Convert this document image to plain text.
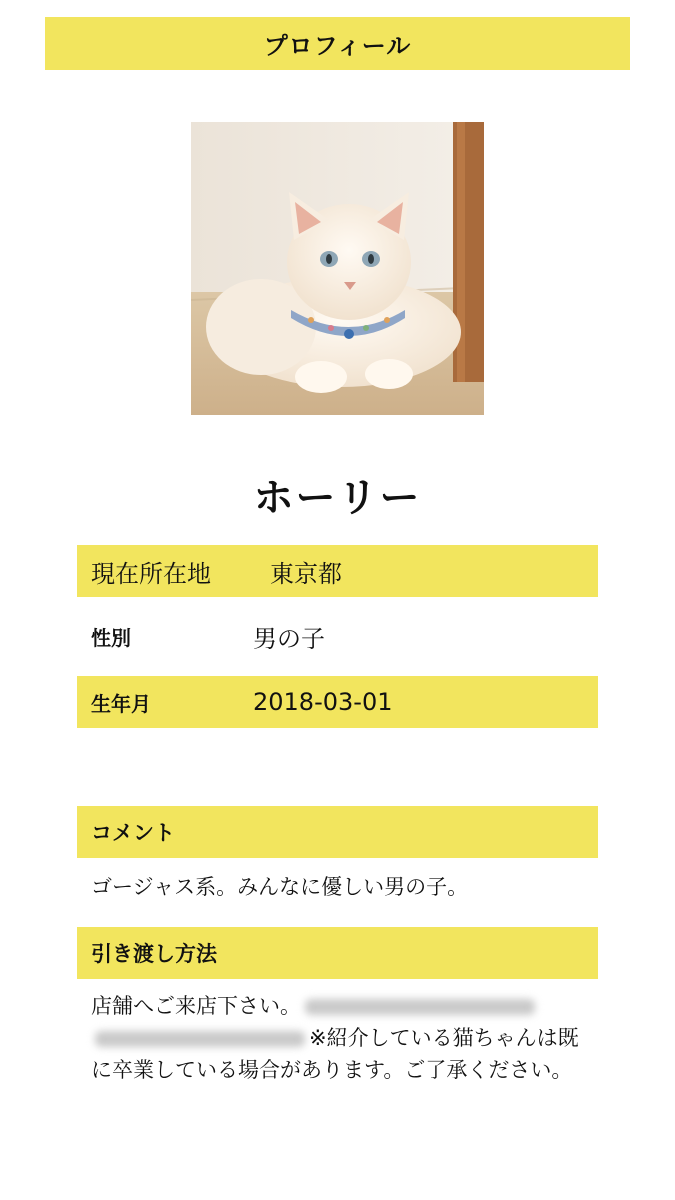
プロフィール
ホーリー
現在所在地	東京都
性別	男の子
生年月	2018-03-01
コメント
ゴージャス系。みんなに優しい男の子。
引き渡し方法
店舗へご来店下さい。
※紹介している猫ちゃんは既に卒業している場合があります。ご了承ください。
